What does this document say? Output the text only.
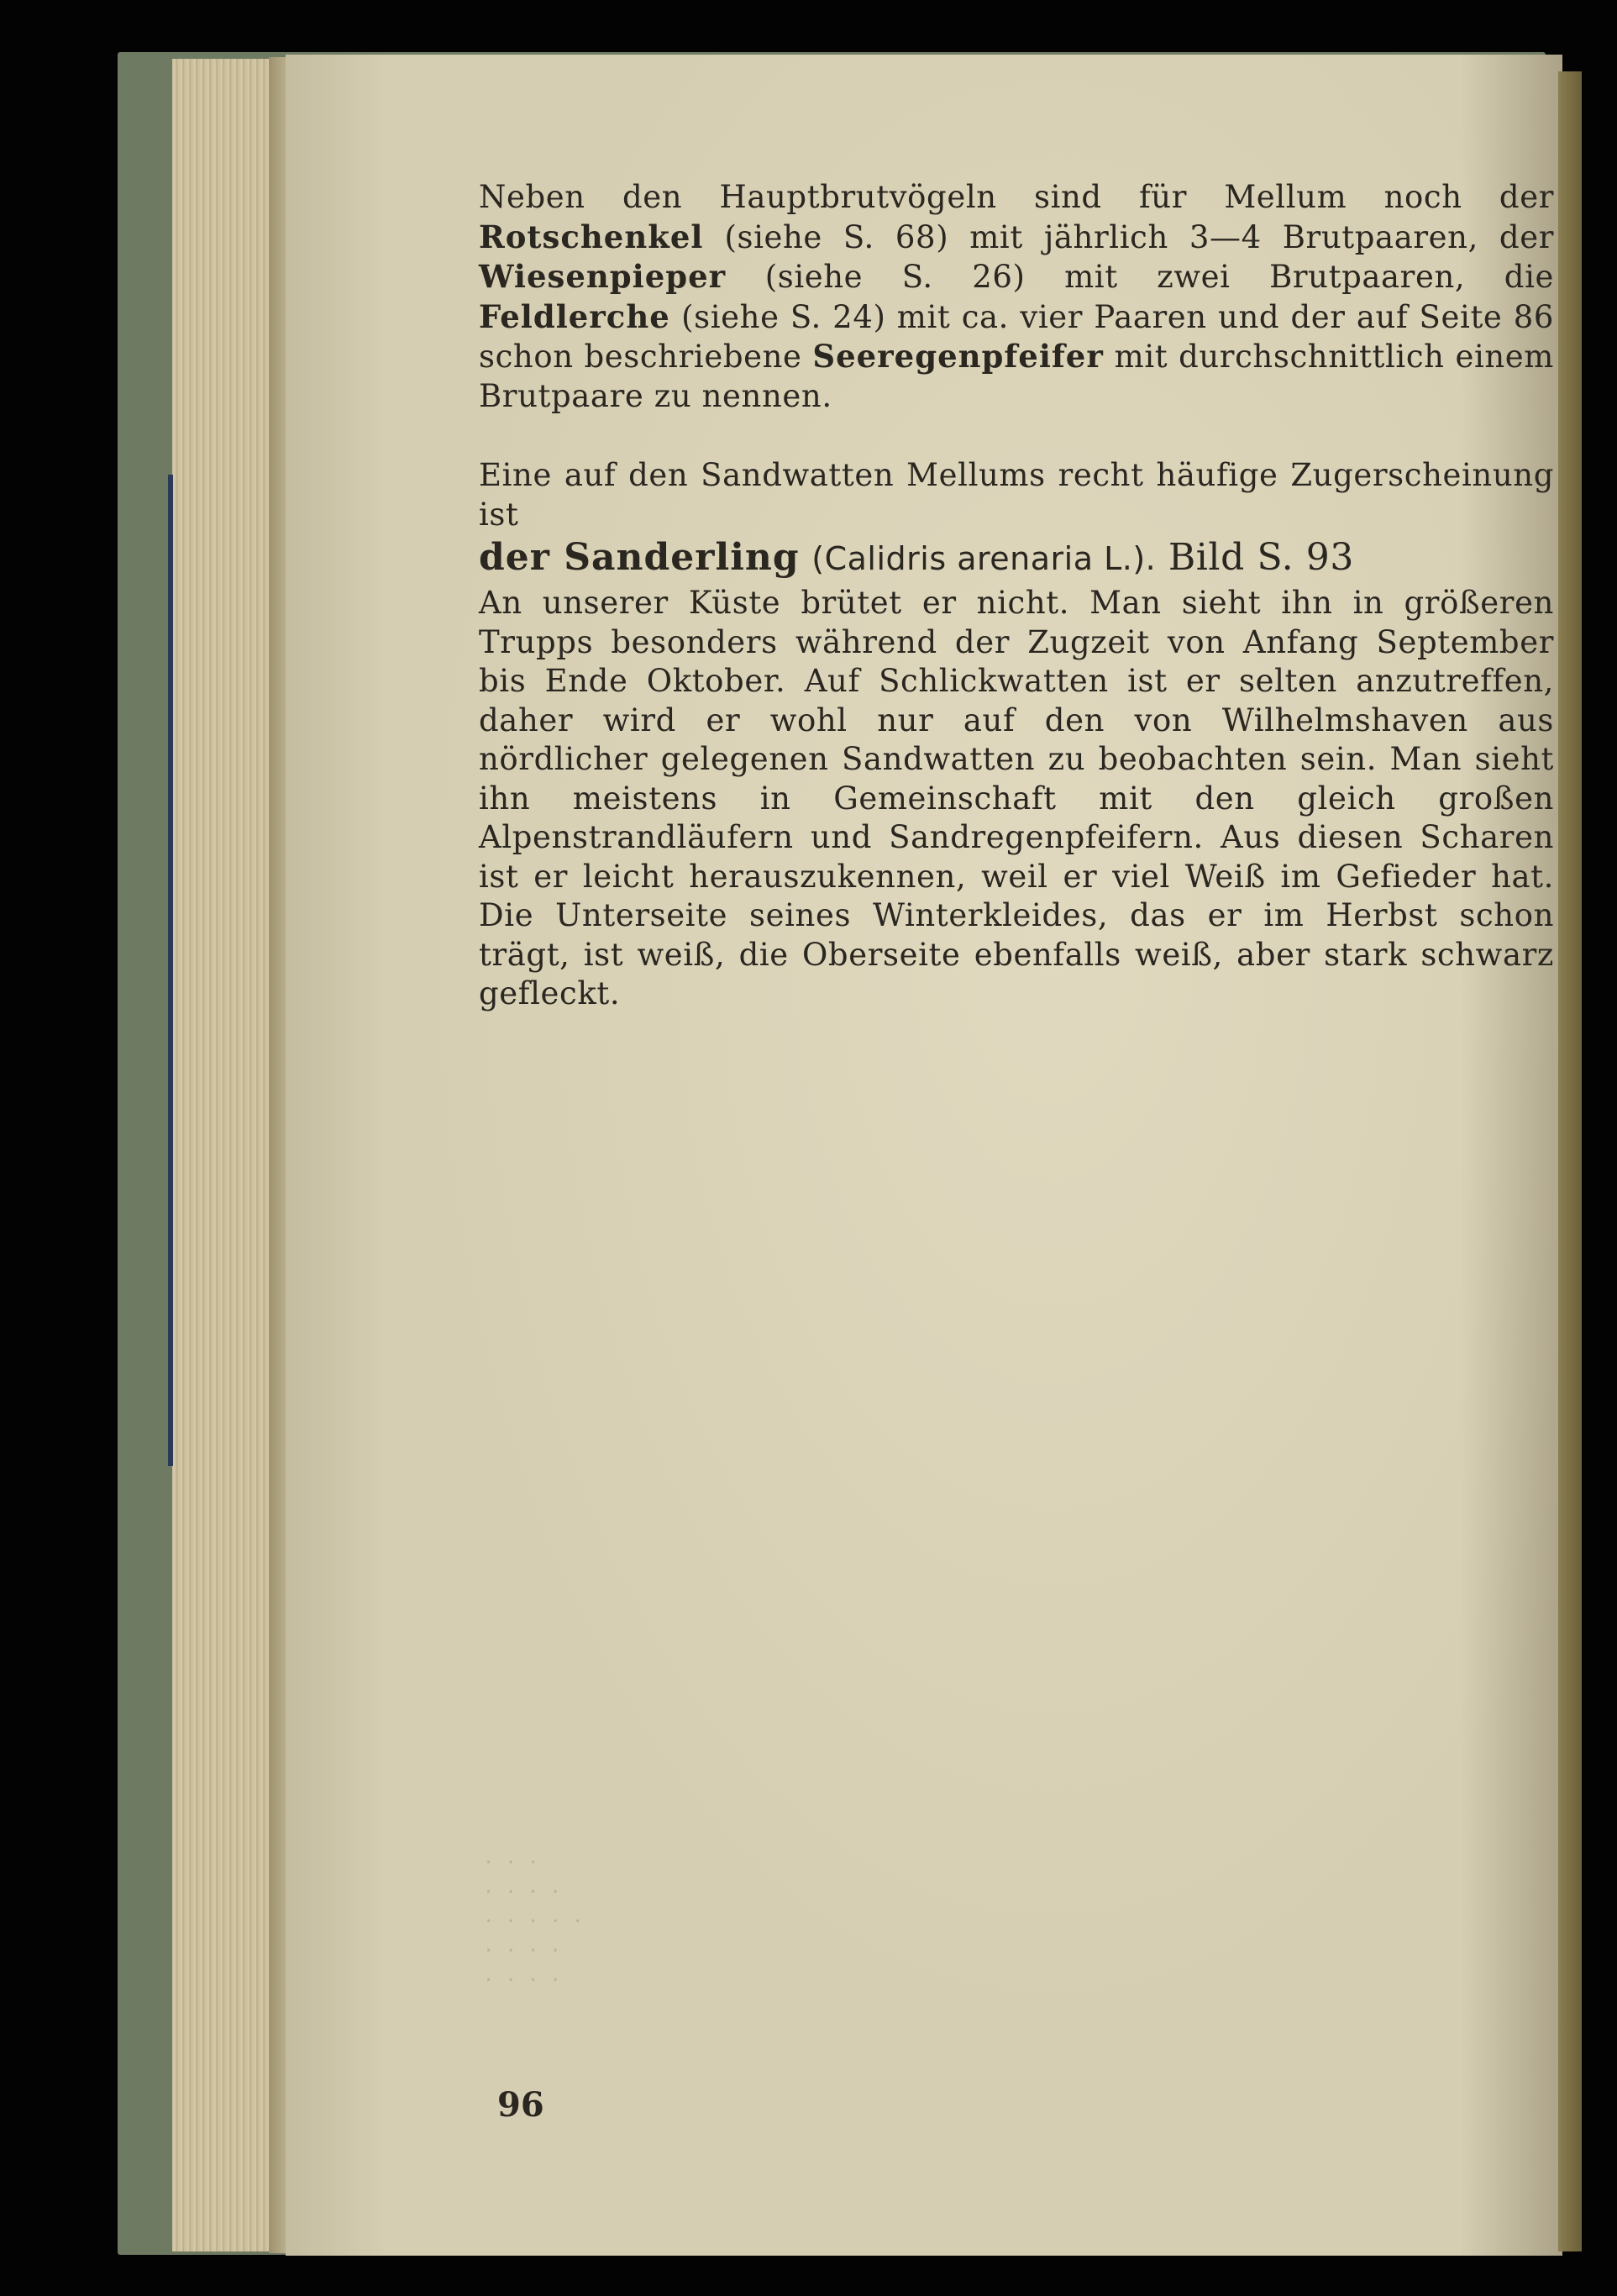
Neben den Hauptbrutvögeln sind für Mellum noch der Rotschenkel (siehe S. 68) mit jährlich 3—4 Brutpaaren, der Wiesenpieper (siehe S. 26) mit zwei Brutpaaren, die Feldlerche (siehe S. 24) mit ca. vier Paaren und der auf Seite 86 schon beschriebene Seeregenpfeifer mit durchschnittlich einem Brutpaare zu nennen.

Eine auf den Sandwatten Mellums recht häufige Zugerscheinung ist

der Sanderling (Calidris arenaria L.). Bild S. 93

An unserer Küste brütet er nicht. Man sieht ihn in größeren Trupps besonders während der Zugzeit von Anfang September bis Ende Oktober. Auf Schlickwatten ist er selten anzutreffen, daher wird er wohl nur auf den von Wilhelmshaven aus nördlicher gelegenen Sandwatten zu beobachten sein. Man sieht ihn meistens in Gemeinschaft mit den gleich großen Alpenstrandläufern und Sandregenpfeifern. Aus diesen Scharen ist er leicht herauszukennen, weil er viel Weiß im Gefieder hat. Die Unterseite seines Winterkleides, das er im Herbst schon trägt, ist weiß, die Oberseite ebenfalls weiß, aber stark schwarz gefleckt.

· · ·
· · · ·
· · · · ·
· · · ·
· · · ·
96
